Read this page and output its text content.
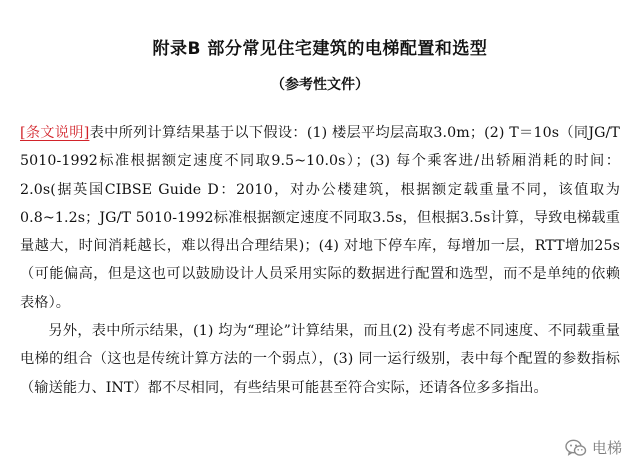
附录B 部分常见住宅建筑的电梯配置和选型
（参考性文件）

[条文说明]表中所列计算结果基于以下假设：(1) 楼层平均层高取3.0m；(2) T＝10s（同JG/T 5010-1992标准根据额定速度不同取9.5~10.0s）；(3) 每个乘客进/出轿厢消耗的时间：2.0s(据英国CIBSE Guide D：2010，对办公楼建筑，根据额定载重量不同，该值取为0.8~1.2s；JG/T 5010-1992标准根据额定速度不同取3.5s，但根据3.5s计算，导致电梯载重量越大，时间消耗越长，难以得出合理结果)；(4) 对地下停车库，每增加一层，RTT增加25s（可能偏高，但是这也可以鼓励设计人员采用实际的数据进行配置和选型，而不是单纯的依赖表格）。

另外，表中所示结果，(1) 均为“理论”计算结果，而且(2) 没有考虑不同速度、不同载重量电梯的组合（这也是传统计算方法的一个弱点），(3) 同一运行级别，表中每个配置的参数指标（输送能力、INT）都不尽相同，有些结果可能甚至符合实际，还请各位多多指出。

电梯
